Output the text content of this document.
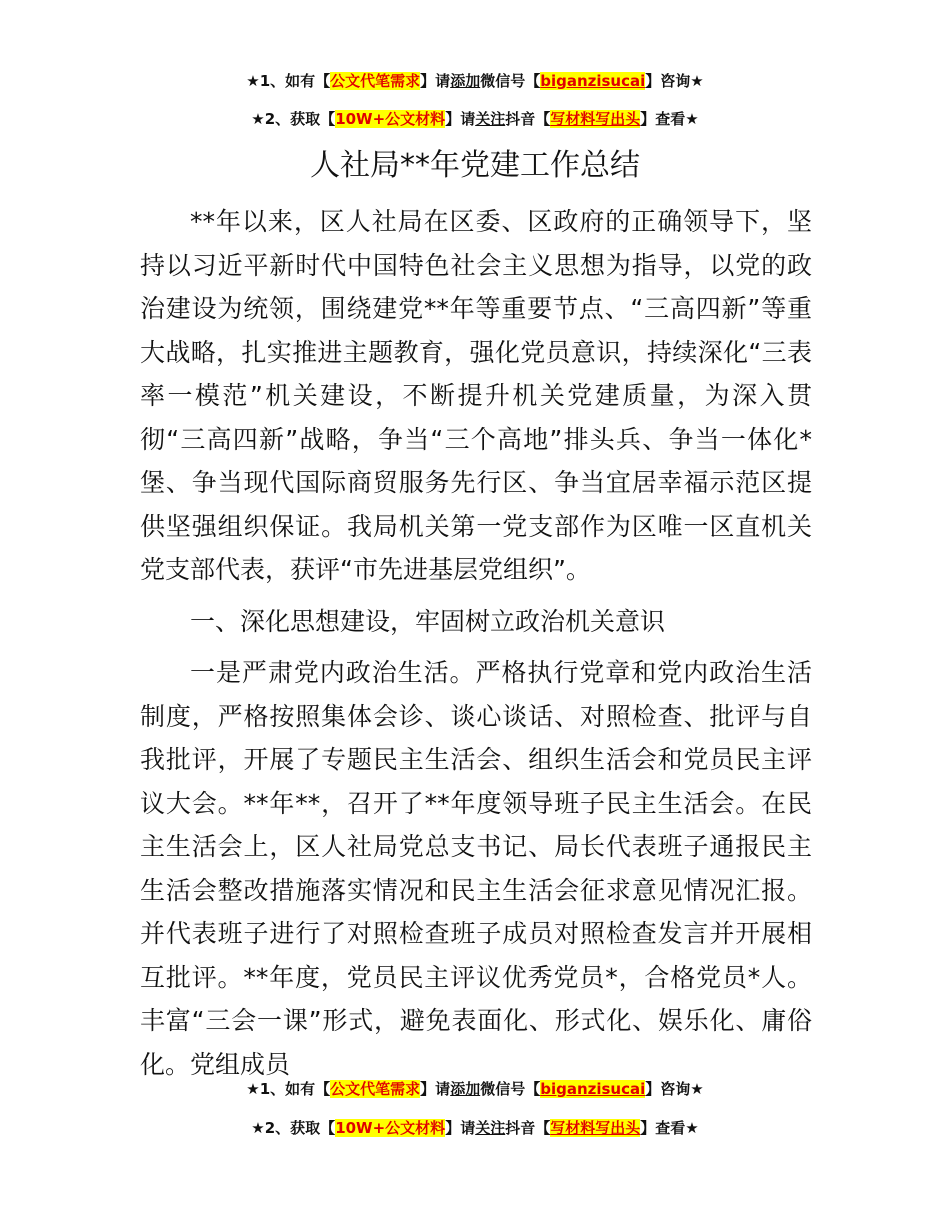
★1、如有【公文代笔需求】请添加微信号【biganzisucai】咨询★
★2、获取【10W+公文材料】请关注抖音【写材料写出头】查看★
人社局**年党建工作总结

**年以来，区人社局在区委、区政府的正确领导下，坚持以习近平新时代中国特色社会主义思想为指导，以党的政治建设为统领，围绕建党**年等重要节点、“三高四新”等重大战略，扎实推进主题教育，强化党员意识，持续深化“三表率一模范”机关建设，不断提升机关党建质量，为深入贯彻“三高四新”战略，争当“三个高地”排头兵、争当一体化*堡、争当现代国际商贸服务先行区、争当宜居幸福示范区提供坚强组织保证。我局机关第一党支部作为区唯一区直机关党支部代表，获评“市先进基层党组织”。

一、深化思想建设，牢固树立政治机关意识

一是严肃党内政治生活。严格执行党章和党内政治生活制度，严格按照集体会诊、谈心谈话、对照检查、批评与自我批评，开展了专题民主生活会、组织生活会和党员民主评议大会。**年**，召开了**年度领导班子民主生活会。在民主生活会上，区人社局党总支书记、局长代表班子通报民主生活会整改措施落实情况和民主生活会征求意见情况汇报。并代表班子进行了对照检查班子成员对照检查发言并开展相互批评。**年度，党员民主评议优秀党员*，合格党员*人。丰富“三会一课”形式，避免表面化、形式化、娱乐化、庸俗化。党组成员

★1、如有【公文代笔需求】请添加微信号【biganzisucai】咨询★
★2、获取【10W+公文材料】请关注抖音【写材料写出头】查看★
